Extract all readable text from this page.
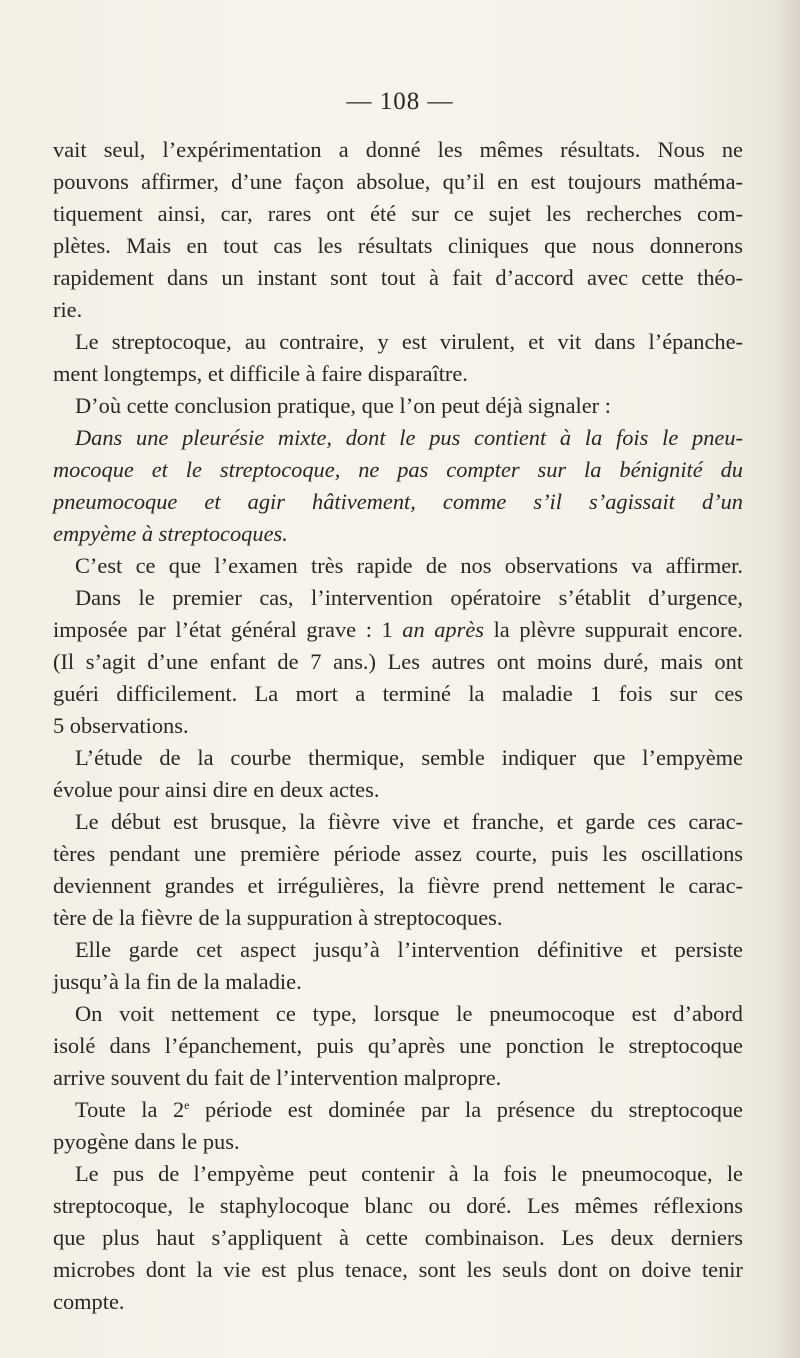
— 108 —
vait seul, l’expérimentation a donné les mêmes résultats. Nous ne
pouvons affirmer, d’une façon absolue, qu’il en est toujours mathéma-
tiquement ainsi, car, rares ont été sur ce sujet les recherches com-
plètes. Mais en tout cas les résultats cliniques que nous donnerons
rapidement dans un instant sont tout à fait d’accord avec cette théo-
rie.
Le streptocoque, au contraire, y est virulent, et vit dans l’épanche-
ment longtemps, et difficile à faire disparaître.
D’où cette conclusion pratique, que l’on peut déjà signaler :
Dans une pleurésie mixte, dont le pus contient à la fois le pneu-
mocoque et le streptocoque, ne pas compter sur la bénignité du
pneumocoque et agir hâtivement, comme s’il s’agissait d’un
empyème à streptocoques.
C’est ce que l’examen très rapide de nos observations va affirmer.
Dans le premier cas, l’intervention opératoire s’établit d’urgence,
imposée par l’état général grave : 1 an après la plèvre suppurait encore.
(Il s’agit d’une enfant de 7 ans.) Les autres ont moins duré, mais ont
guéri difficilement. La mort a terminé la maladie 1 fois sur ces
5 observations.
L’étude de la courbe thermique, semble indiquer que l’empyème
évolue pour ainsi dire en deux actes.
Le début est brusque, la fièvre vive et franche, et garde ces carac-
tères pendant une première période assez courte, puis les oscillations
deviennent grandes et irrégulières, la fièvre prend nettement le carac-
tère de la fièvre de la suppuration à streptocoques.
Elle garde cet aspect jusqu’à l’intervention définitive et persiste
jusqu’à la fin de la maladie.
On voit nettement ce type, lorsque le pneumocoque est d’abord
isolé dans l’épanchement, puis qu’après une ponction le streptocoque
arrive souvent du fait de l’intervention malpropre.
Toute la 2e période est dominée par la présence du streptocoque
pyogène dans le pus.
Le pus de l’empyème peut contenir à la fois le pneumocoque, le
streptocoque, le staphylocoque blanc ou doré. Les mêmes réflexions
que plus haut s’appliquent à cette combinaison. Les deux derniers
microbes dont la vie est plus tenace, sont les seuls dont on doive tenir
compte.
